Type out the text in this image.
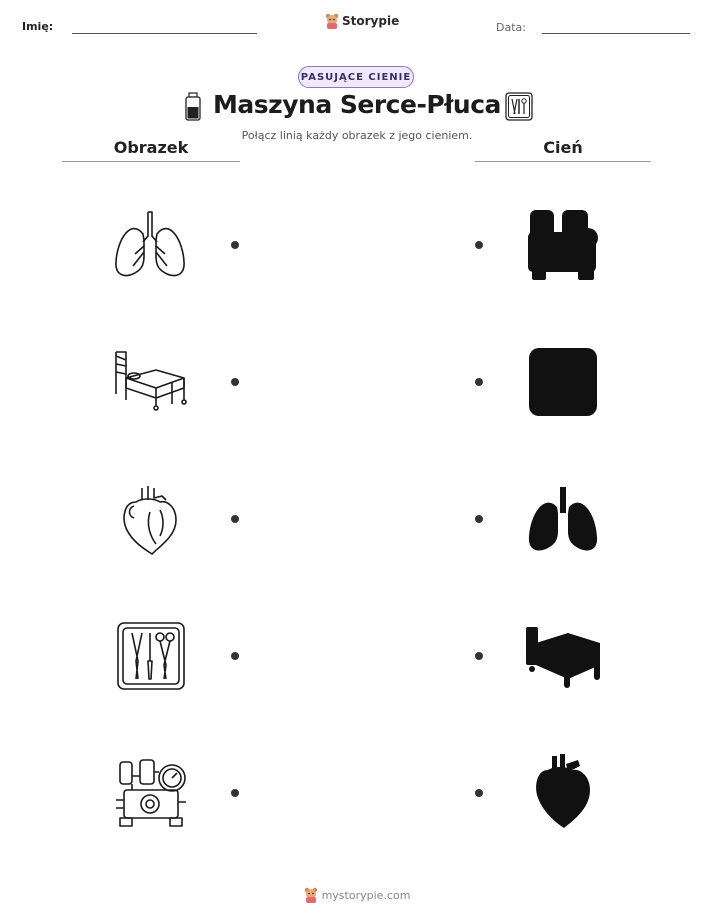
Imię:	Storypie	Data:
PASUJĄCE CIENIE
Maszyna Serce-Płuca
Połącz linią każdy obrazek z jego cieniem.
Obrazek	Cień
mystorypie.com
